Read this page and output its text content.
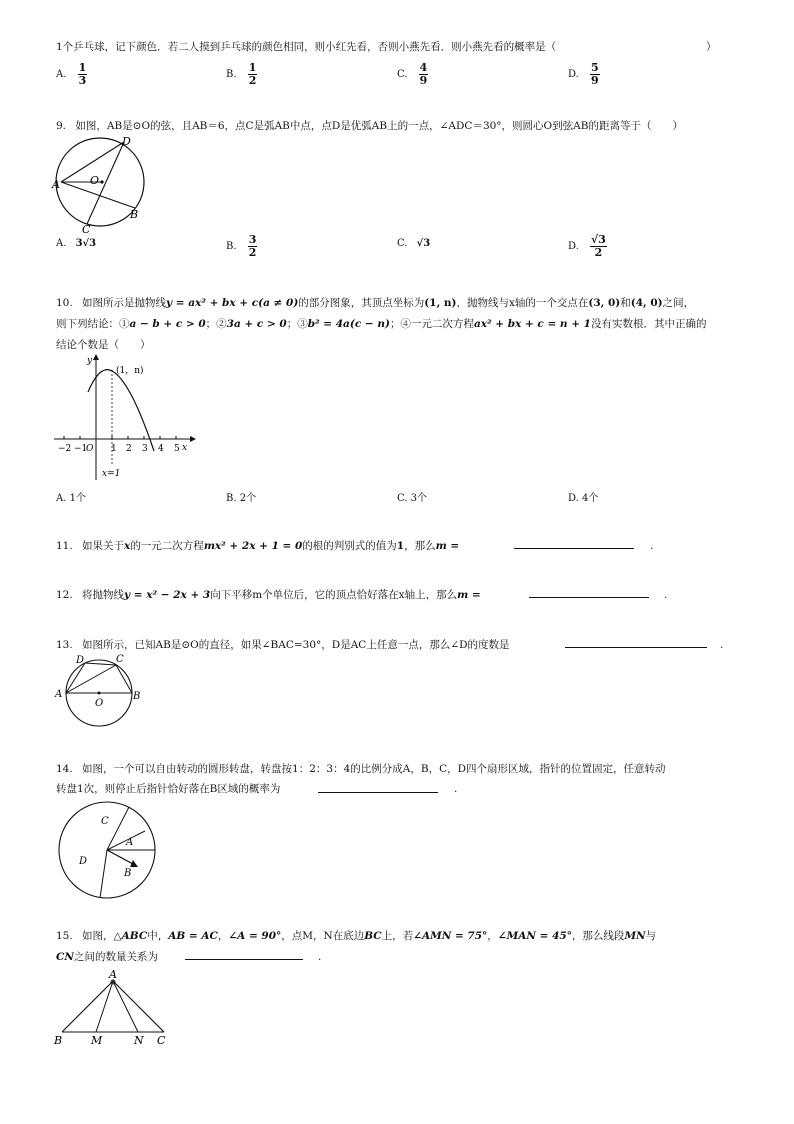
1个乒乓球，记下颜色．若二人摸到乒乓球的颜色相同，则小红先看，否则小燕先看．则小燕先看的概率是（	）
A. $\frac{1}{3}$	B. $\frac{1}{2}$	C. $\frac{4}{9}$	D. $\frac{5}{9}$
9. 如图，AB是⊙O的弦，且AB＝6，点C是弧AB中点，点D是优弧AB上的一点，∠ADC＝30°，则圆心O到弦AB的距离等于（　　）
D
A	O
B
C
A. 3√3	B. $\frac{3}{2}$	C. √3	D. $\frac{√3}{2}$
10. 如图所示是抛物线y = ax² + bx + c(a ≠ 0)的部分图象，其顶点坐标为(1, n)，抛物线与x轴的一个交点在(3, 0)和(4, 0)之间，
则下列结论：①a − b + c > 0；②3a + c > 0；③b² = 4a(c − n)；④一元二次方程ax² + bx + c = n + 1没有实数根．其中正确的
结论个数是（　　）
y
x
(1，n)
O
−2 −1	1 2 3 4 5
x=1
A. 1个	B. 2个	C. 3个	D. 4个
11. 如果关于x的一元二次方程mx² + 2x + 1 = 0的根的判别式的值为1，那么m =	.
12. 将抛物线y = x² − 2x + 3向下平移m个单位后，它的顶点恰好落在x轴上，那么m =	.
13. 如图所示，已知AB是⊙O的直径，如果∠BAC=30°，D是AC上任意一点，那么∠D的度数是	.
D	C
A	B
O
14. 如图，一个可以自由转动的圆形转盘，转盘按1：2：3：4的比例分成A，B，C，D四个扇形区域，指针的位置固定，任意转动
转盘1次，则停止后指针恰好落在B区域的概率为	.
C
A
D
B
15. 如图，△ABC中，AB = AC，∠A = 90°，点M，N在底边BC上，若∠AMN = 75°，∠MAN = 45°，那么线段MN与
CN之间的数量关系为	.
A
B	M	N C
